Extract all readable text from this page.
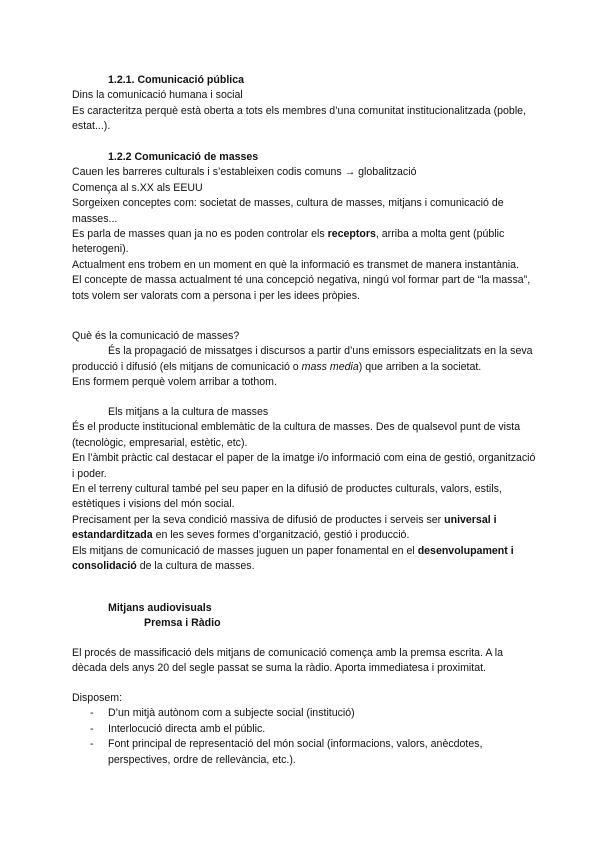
1.2.1. Comunicació pública

Dins la comunicació humana i social

Es caracteritza perquè està oberta a tots els membres d’una comunitat institucionalitzada (poble, estat...).

1.2.2 Comunicació de masses

Cauen les barreres culturals i s’estableixen codis comuns → globalització

Comença al s.XX als EEUU

Sorgeixen conceptes com: societat de masses, cultura de masses, mitjans i comunicació de masses...

Es parla de masses quan ja no es poden controlar els receptors, arriba a molta gent (públic heterogeni).

Actualment ens trobem en un moment en què la informació es transmet de manera instantània.

El concepte de massa actualment té una concepció negativa, ningú vol formar part de “la massa”, tots volem ser valorats com a persona i per les idees pròpies.

Què és la comunicació de masses?

És la propagació de missatges i discursos a partir d’uns emissors especialitzats en la seva producció i difusió (els mitjans de comunicació o mass media) que arriben a la societat.

Ens formem perquè volem arribar a tothom.

Els mitjans a la cultura de masses

És el producte institucional emblemàtic de la cultura de masses. Des de qualsevol punt de vista (tecnològic, empresarial, estètic, etc).

En l’àmbit pràctic cal destacar el paper de la imatge i/o informació com eina de gestió, organització i poder.

En el terreny cultural també pel seu paper en la difusió de productes culturals, valors, estils, estètiques i visions del món social.

Precisament per la seva condició massiva de difusió de productes i serveis ser universal i estandarditzada en les seves formes d’organització, gestió i producció.

Els mitjans de comunicació de masses juguen un paper fonamental en el desenvolupament i consolidació de la cultura de masses.

Mitjans audiovisuals

Premsa i Ràdio

El procés de massificació dels mitjans de comunicació comença amb la premsa escrita. A la dècada dels anys 20 del segle passat se suma la ràdio. Aporta immediatesa i proximitat.

Disposem:

- D’un mitjà autònom com a subjecte social (institució)
- Interlocució directa amb el públic.
- Font principal de representació del món social (informacions, valors, anècdotes, perspectives, ordre de rellevància, etc.).
